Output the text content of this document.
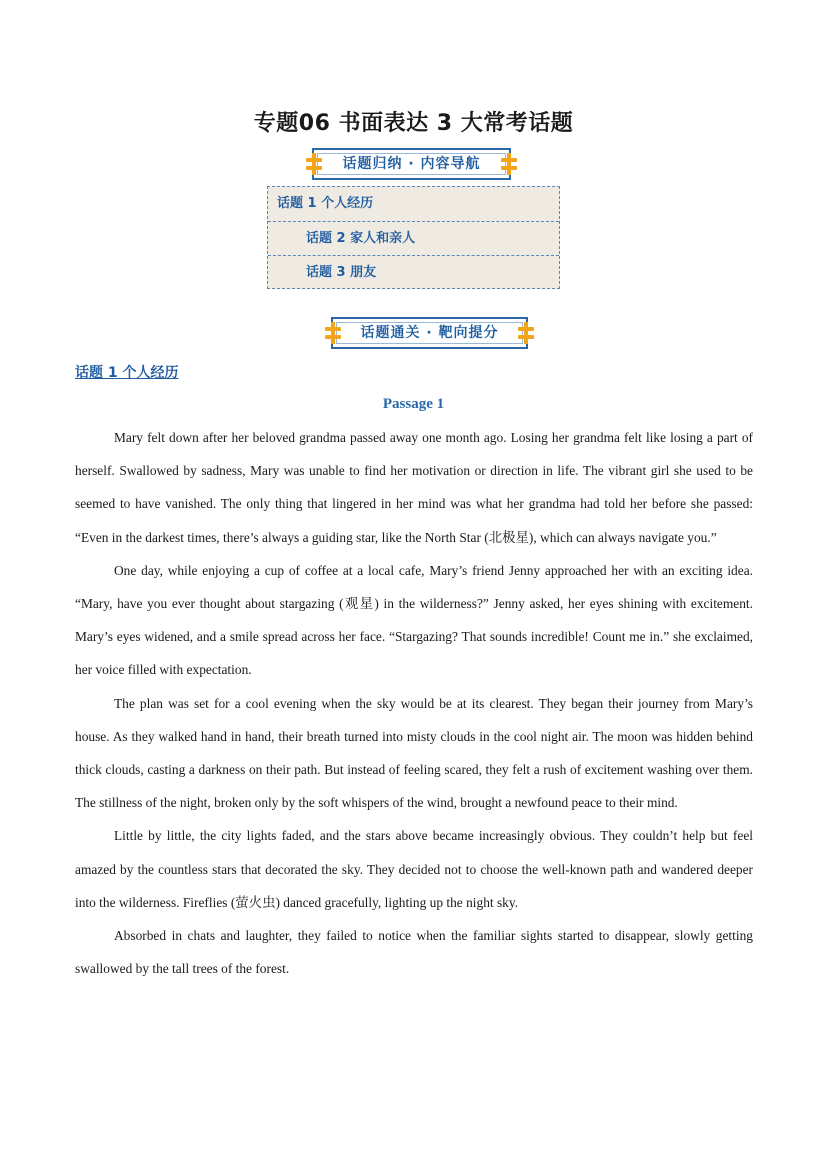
专题06 书面表达 3 大常考话题
话题归纳 · 内容导航
话题 1 个人经历
话题 2 家人和亲人
话题 3 朋友
话题通关 · 靶向提分
话题 1 个人经历
Passage 1

Mary felt down after her beloved grandma passed away one month ago. Losing her grandma felt like losing a part of herself. Swallowed by sadness, Mary was unable to find her motivation or direction in life. The vibrant girl she used to be seemed to have vanished. The only thing that lingered in her mind was what her grandma had told her before she passed: “Even in the darkest times, there’s always a guiding star, like the North Star (北极星), which can always navigate you.”

One day, while enjoying a cup of coffee at a local cafe, Mary’s friend Jenny approached her with an exciting idea. “Mary, have you ever thought about stargazing (观星) in the wilderness?” Jenny asked, her eyes shining with excitement. Mary’s eyes widened, and a smile spread across her face. “Stargazing? That sounds incredible! Count me in.” she exclaimed, her voice filled with expectation.

The plan was set for a cool evening when the sky would be at its clearest. They began their journey from Mary’s house. As they walked hand in hand, their breath turned into misty clouds in the cool night air. The moon was hidden behind thick clouds, casting a darkness on their path. But instead of feeling scared, they felt a rush of excitement washing over them. The stillness of the night, broken only by the soft whispers of the wind, brought a newfound peace to their mind.

Little by little, the city lights faded, and the stars above became increasingly obvious. They couldn’t help but feel amazed by the countless stars that decorated the sky. They decided not to choose the well-known path and wandered deeper into the wilderness. Fireflies (萤火虫) danced gracefully, lighting up the night sky.

Absorbed in chats and laughter, they failed to notice when the familiar sights started to disappear, slowly getting swallowed by the tall trees of the forest.
